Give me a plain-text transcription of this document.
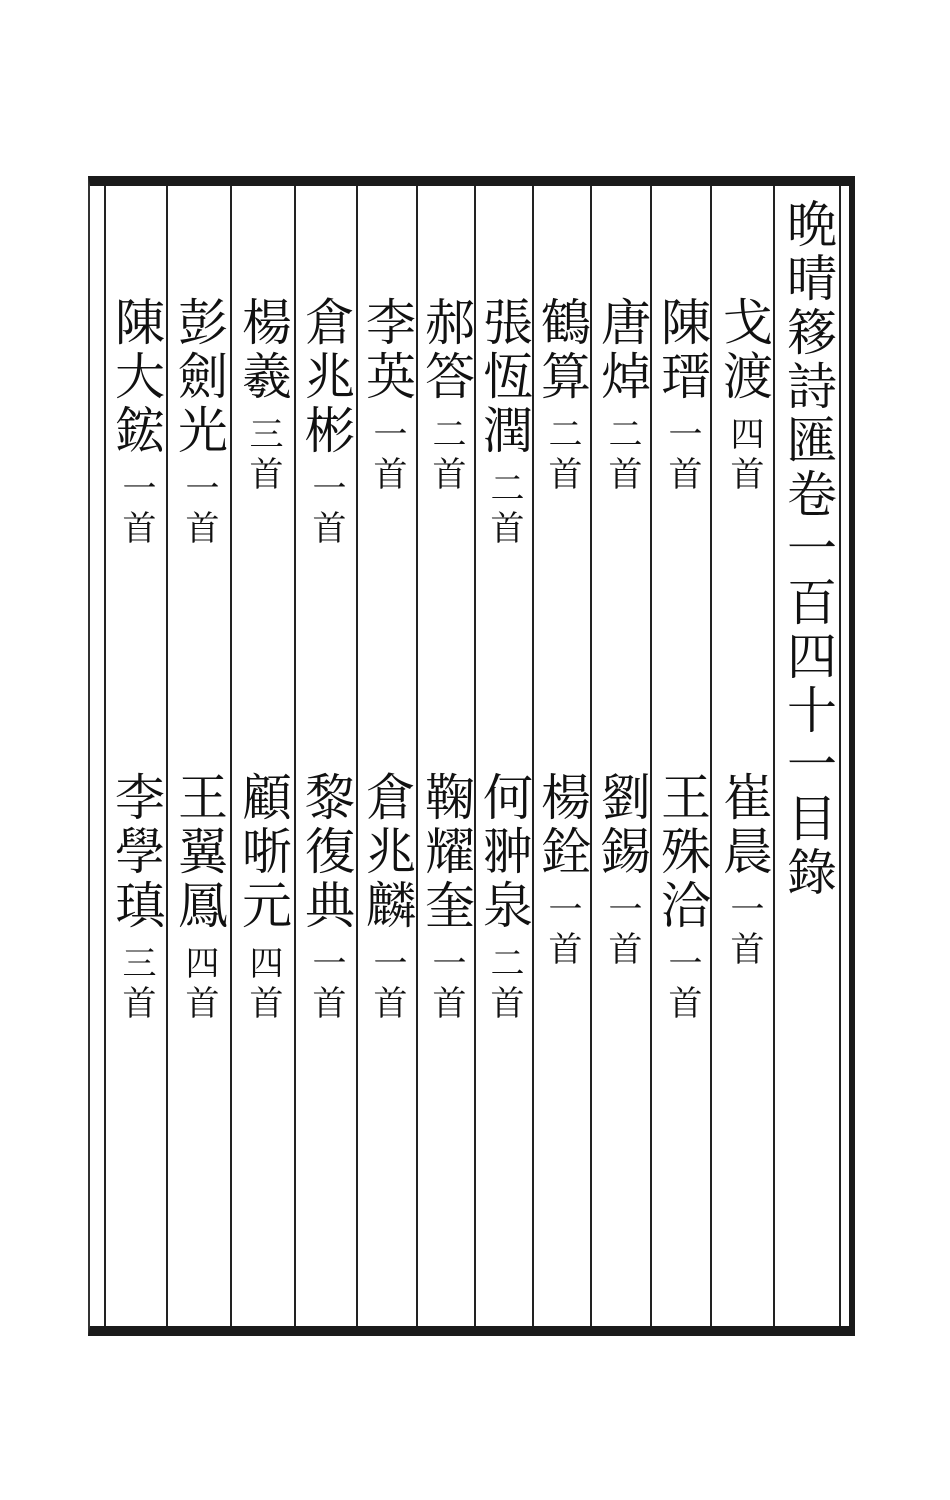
晩晴簃詩匯卷一百四十一目錄
戈渡四首
崔晨一首
陳瑨一首
王殊洽一首
唐焯二首
劉錫一首
鶴算二首
楊銓一首
張恆潤二首
何翀泉二首
郝答二首
鞠耀奎一首
李英一首
倉兆麟一首
倉兆彬一首
黎復典一首
楊羲三首
顧哳元四首
彭劍光一首
王翼鳳四首
陳大鋐一首
李學瑱三首
